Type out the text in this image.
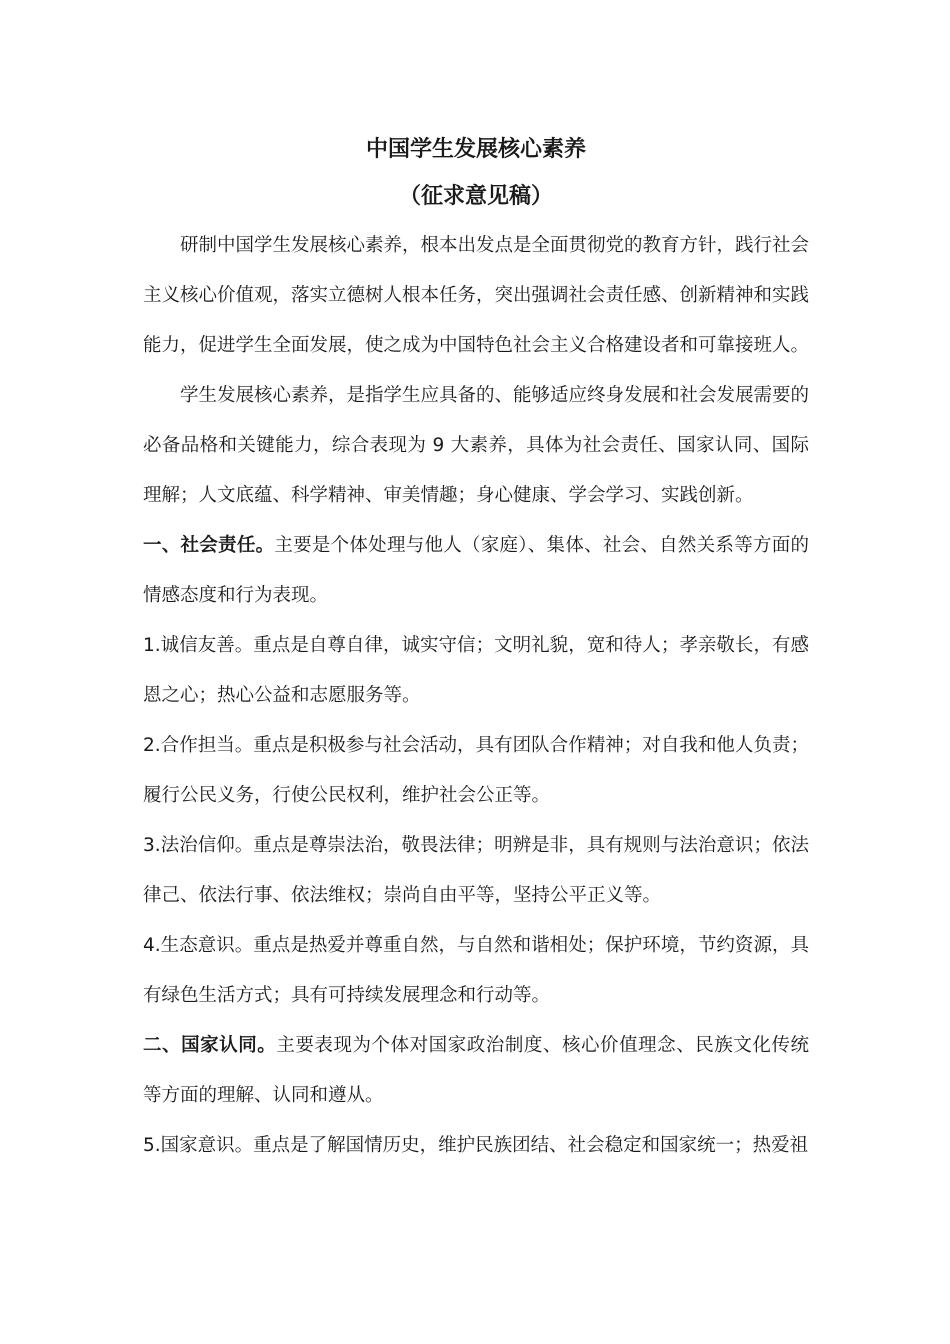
中国学生发展核心素养
（征求意见稿）

研制中国学生发展核心素养，根本出发点是全面贯彻党的教育方针，践行社会主义核心价值观，落实立德树人根本任务，突出强调社会责任感、创新精神和实践能力，促进学生全面发展，使之成为中国特色社会主义合格建设者和可靠接班人。

学生发展核心素养，是指学生应具备的、能够适应终身发展和社会发展需要的必备品格和关键能力，综合表现为 9 大素养，具体为社会责任、国家认同、国际理解；人文底蕴、科学精神、审美情趣；身心健康、学会学习、实践创新。

一、社会责任。主要是个体处理与他人（家庭）、集体、社会、自然关系等方面的情感态度和行为表现。

1.诚信友善。重点是自尊自律，诚实守信；文明礼貌，宽和待人；孝亲敬长，有感恩之心；热心公益和志愿服务等。

2.合作担当。重点是积极参与社会活动，具有团队合作精神；对自我和他人负责；履行公民义务，行使公民权利，维护社会公正等。

3.法治信仰。重点是尊崇法治，敬畏法律；明辨是非，具有规则与法治意识；依法律己、依法行事、依法维权；崇尚自由平等，坚持公平正义等。

4.生态意识。重点是热爱并尊重自然，与自然和谐相处；保护环境，节约资源，具有绿色生活方式；具有可持续发展理念和行动等。

二、国家认同。主要表现为个体对国家政治制度、核心价值理念、民族文化传统等方面的理解、认同和遵从。

5.国家意识。重点是了解国情历史，维护民族团结、社会稳定和国家统一；热爱祖
